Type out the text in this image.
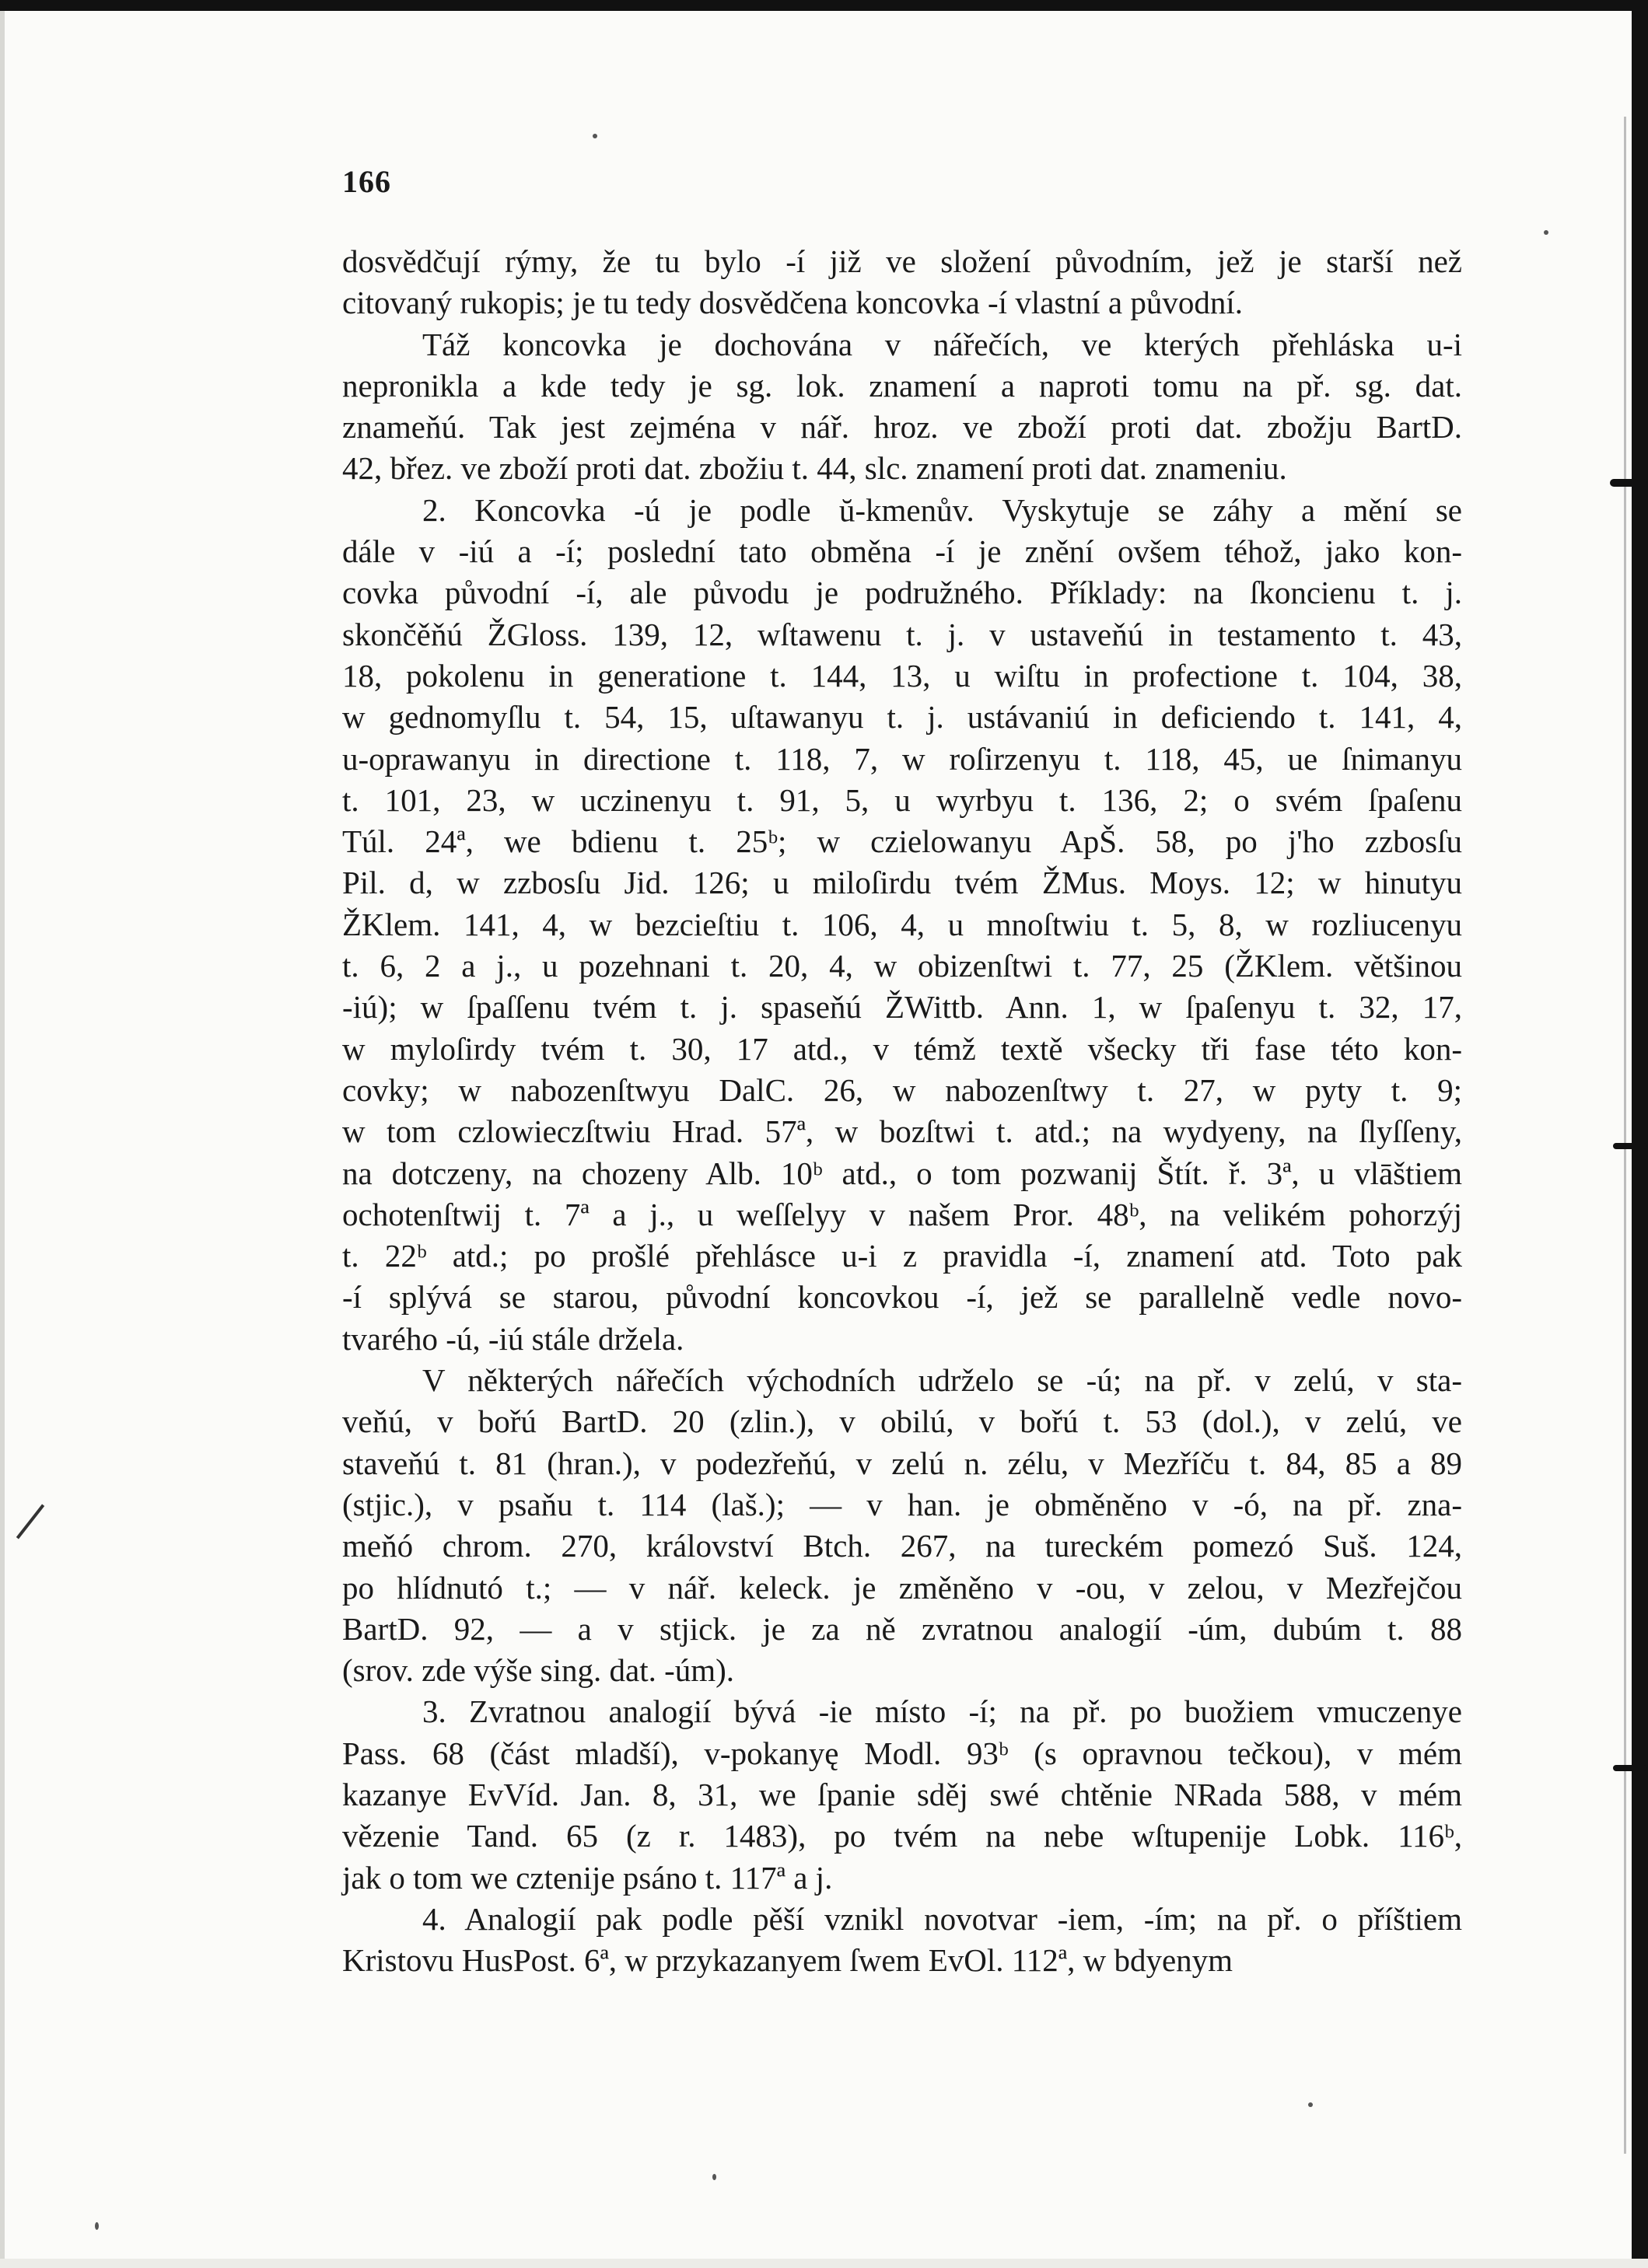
166
dosvědčují rýmy, že tu bylo -í již ve složení původním, jež je starší než
citovaný rukopis; je tu tedy dosvědčena koncovka -í vlastní a původní.
Táž koncovka je dochována v nářečích, ve kterých přehláska u-i
nepronikla a kde tedy je sg. lok. znamení a naproti tomu na př. sg. dat.
znameňú. Tak jest zejména v nář. hroz. ve zboží proti dat. zbožju BartD.
42, břez. ve zboží proti dat. zbožiu t. 44, slc. znamení proti dat. znameniu.
2. Koncovka -ú je podle ŭ-kmenův. Vyskytuje se záhy a mění se
dále v -iú a -í; poslední tato obměna -í je znění ovšem téhož, jako kon-
covka původní -í, ale původu je podružného. Příklady: na ſkoncienu t. j.
skončěňú ŽGloss. 139, 12, wſtawenu t. j. v ustaveňú in testamento t. 43,
18, pokolenu in generatione t. 144, 13, u wiſtu in profectione t. 104, 38,
w gednomyſlu t. 54, 15, uſtawanyu t. j. ustávaniú in deficiendo t. 141, 4,
u-oprawanyu in directione t. 118, 7, w roſirzenyu t. 118, 45, ue ſnimanyu
t. 101, 23, w uczinenyu t. 91, 5, u wyrbyu t. 136, 2; o svém ſpaſenu
Túl. 24ª, we bdienu t. 25ᵇ; w czielowanyu ApŠ. 58, po j'ho zzbosſu
Pil. d, w zzbosſu Jid. 126; u miloſirdu tvém ŽMus. Moys. 12; w hinutyu
ŽKlem. 141, 4, w bezcieſtiu t. 106, 4, u mnoſtwiu t. 5, 8, w rozliucenyu
t. 6, 2 a j., u pozehnani t. 20, 4, w obizenſtwi t. 77, 25 (ŽKlem. většinou
-iú); w ſpaſſenu tvém t. j. spaseňú ŽWittb. Ann. 1, w ſpaſenyu t. 32, 17,
w myloſirdy tvém t. 30, 17 atd., v témž textě všecky tři fase této kon-
covky; w nabozenſtwyu DalC. 26, w nabozenſtwy t. 27, w pyty t. 9;
w tom czlowieczſtwiu Hrad. 57ª, w bozſtwi t. atd.; na wydyeny, na ſlyſſeny,
na dotczeny, na chozeny Alb. 10ᵇ atd., o tom pozwanij Štít. ř. 3ª, u vlāštiem
ochotenſtwij t. 7ª a j., u weſſelyy v našem Pror. 48ᵇ, na velikém pohorzýj
t. 22ᵇ atd.; po prošlé přehlásce u-i z pravidla -í, znamení atd. Toto pak
-í splývá se starou, původní koncovkou -í, jež se parallelně vedle novo-
tvarého -ú, -iú stále držela.
V některých nářečích východních udrželo se -ú; na př. v zelú, v sta-
veňú, v bořú BartD. 20 (zlin.), v obilú, v bořú t. 53 (dol.), v zelú, ve
staveňú t. 81 (hran.), v podezřeňú, v zelú n. zélu, v Mezříču t. 84, 85 a 89
(stjic.), v psaňu t. 114 (laš.); — v han. je obměněno v -ó, na př. zna-
meňó chrom. 270, království Btch. 267, na tureckém pomezó Suš. 124,
po hlídnutó t.; — v nář. keleck. je změněno v -ou, v zelou, v Mezřejčou
BartD. 92, — a v stjick. je za ně zvratnou analogií -úm, dubúm t. 88
(srov. zde výše sing. dat. -úm).
3. Zvratnou analogií bývá -ie místo -í; na př. po buožiem vmuczenye
Pass. 68 (část mladší), v-pokanyę Modl. 93ᵇ (s opravnou tečkou), v mém
kazanye EvVíd. Jan. 8, 31, we ſpanie sděj swé chtěnie NRada 588, v mém
vězenie Tand. 65 (z r. 1483), po tvém na nebe wſtupenije Lobk. 116ᵇ,
jak o tom we cztenije psáno t. 117ª a j.
4. Analogií pak podle pěší vznikl novotvar -iem, -ím; na př. o příštiem
Kristovu HusPost. 6ª, w przykazanyem ſwem EvOl. 112ª, w bdyenym
